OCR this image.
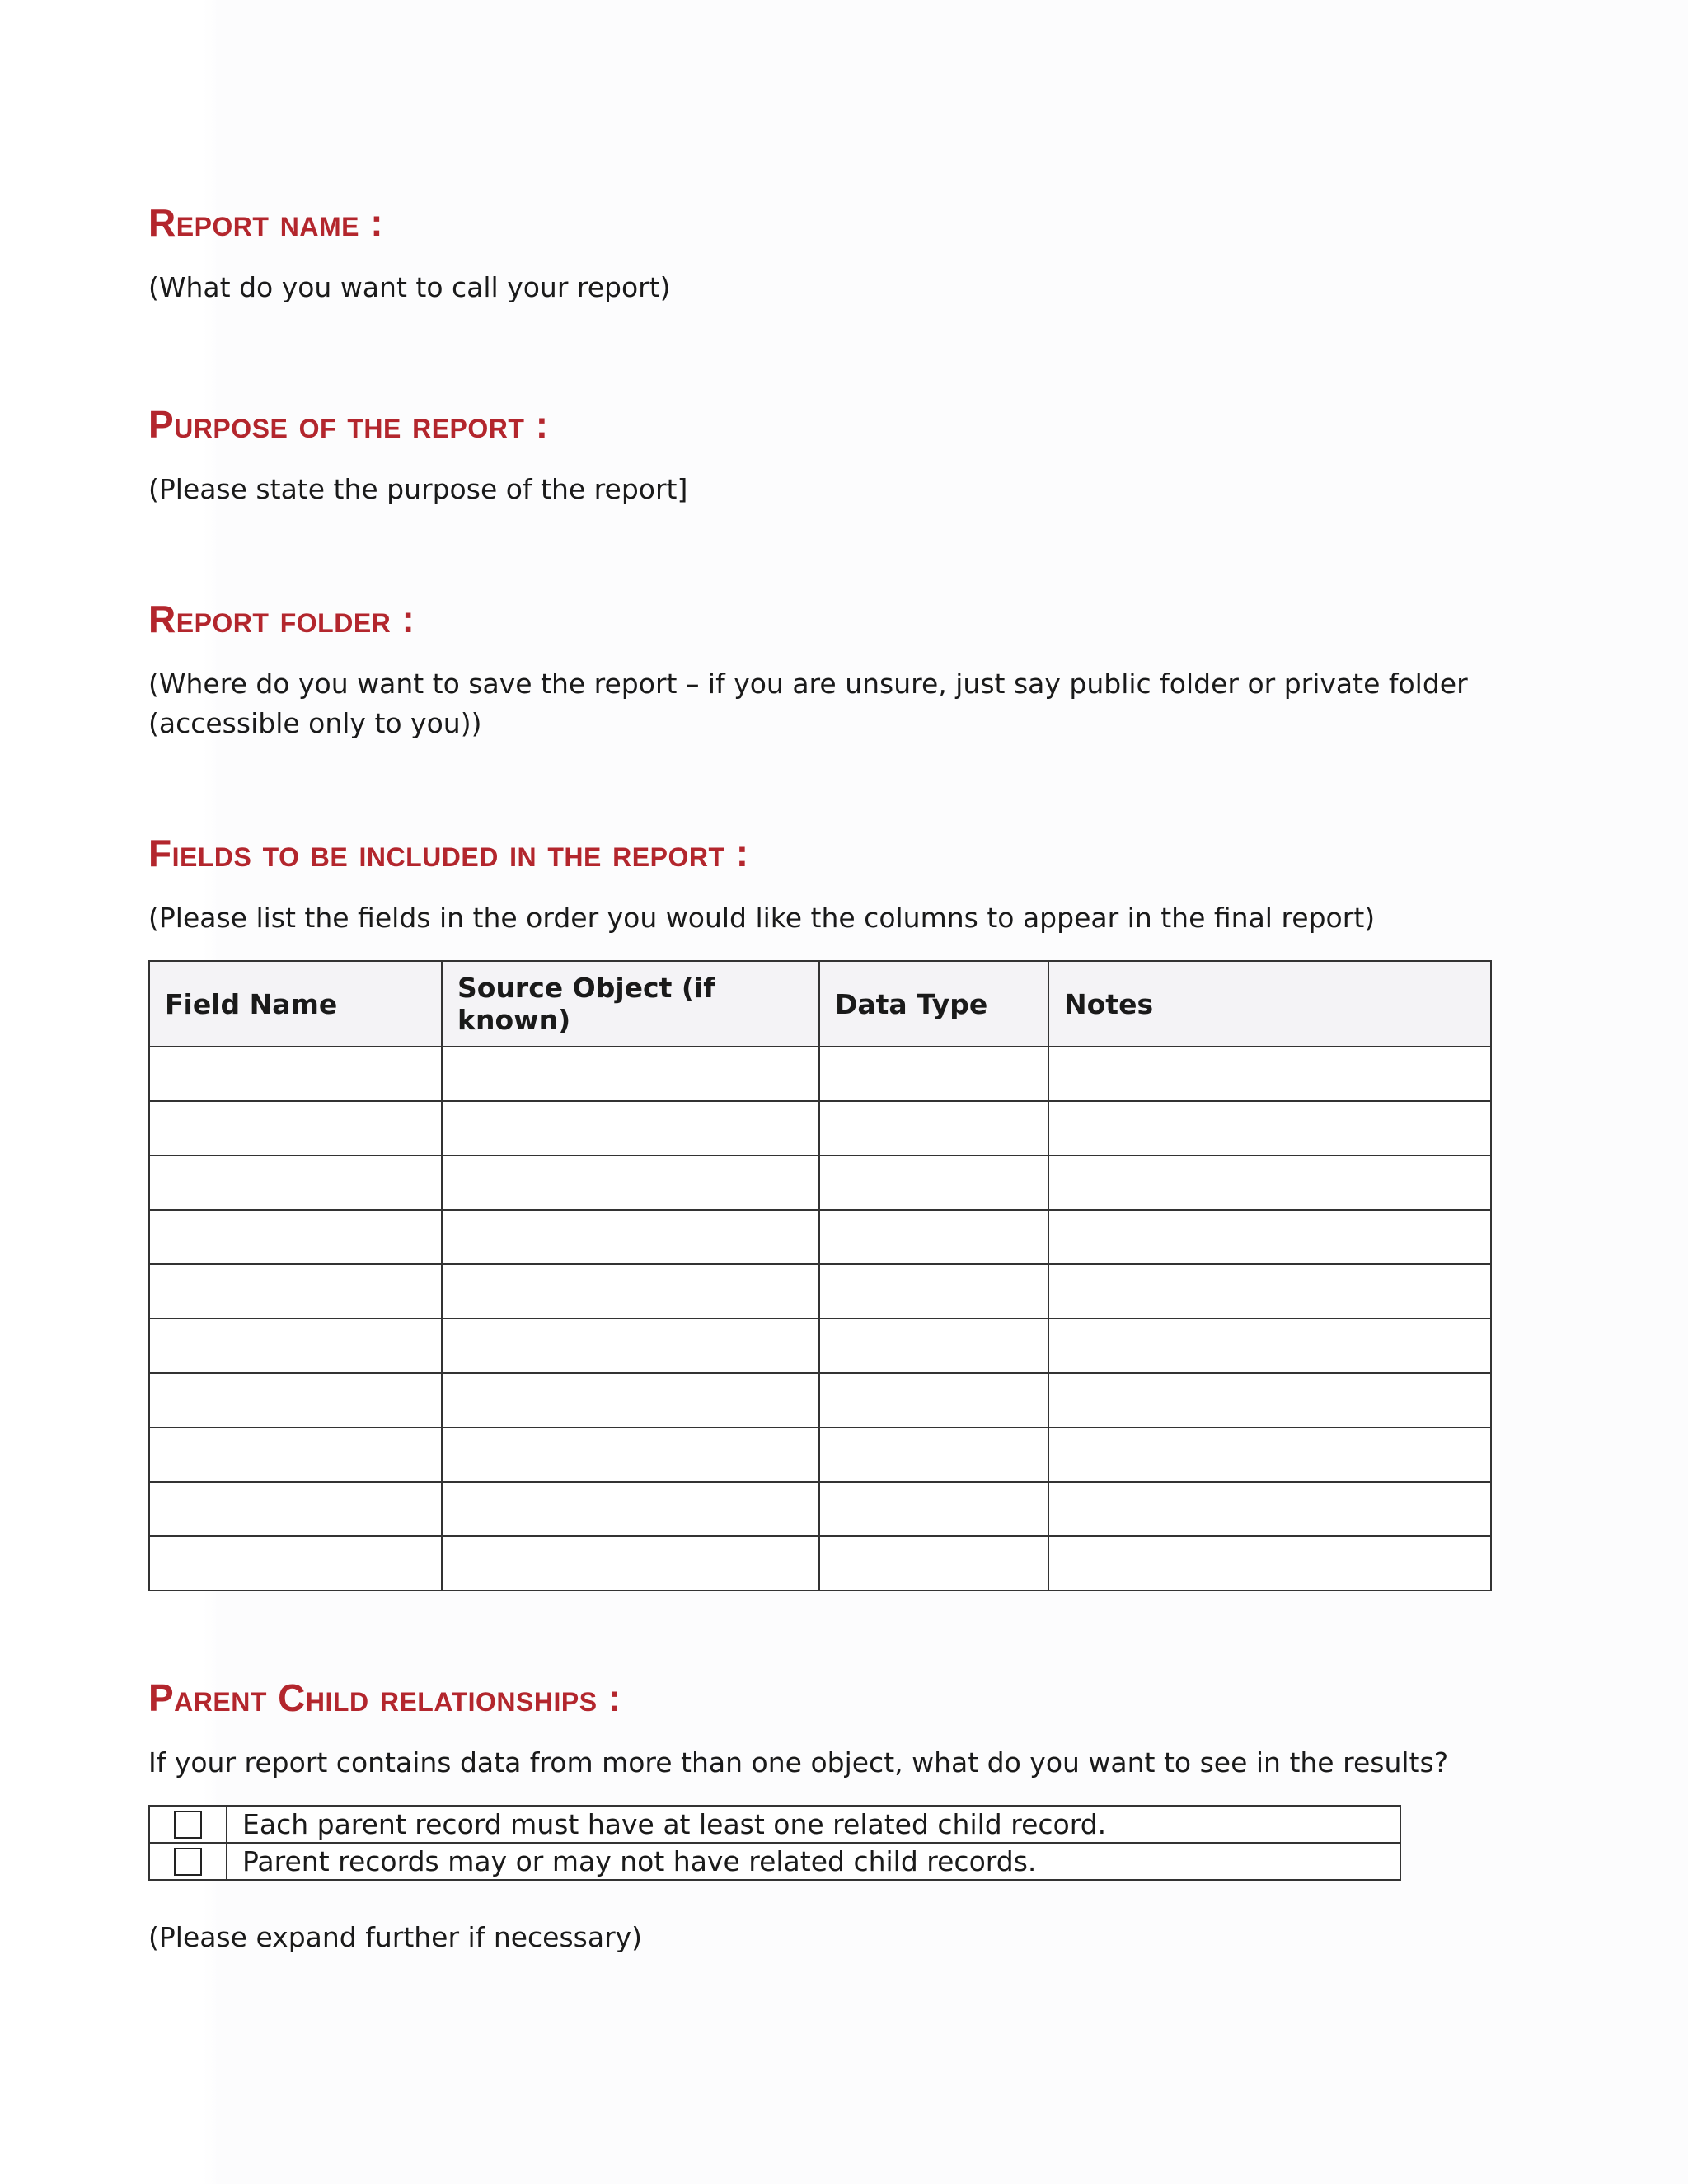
Report name :

(What do you want to call your report)

Purpose of the report :

(Please state the purpose of the report]

Report folder :

(Where do you want to save the report – if you are unsure, just say public folder or private folder (accessible only to you))

Fields to be included in the report :

(Please list the fields in the order you would like the columns to appear in the final report)

Field Name	Source Object (if known)	Data Type	Notes

Parent Child relationships :

If your report contains data from more than one object, what do you want to see in the results?

	Each parent record must have at least one related child record.
	Parent records may or may not have related child records.

(Please expand further if necessary)
